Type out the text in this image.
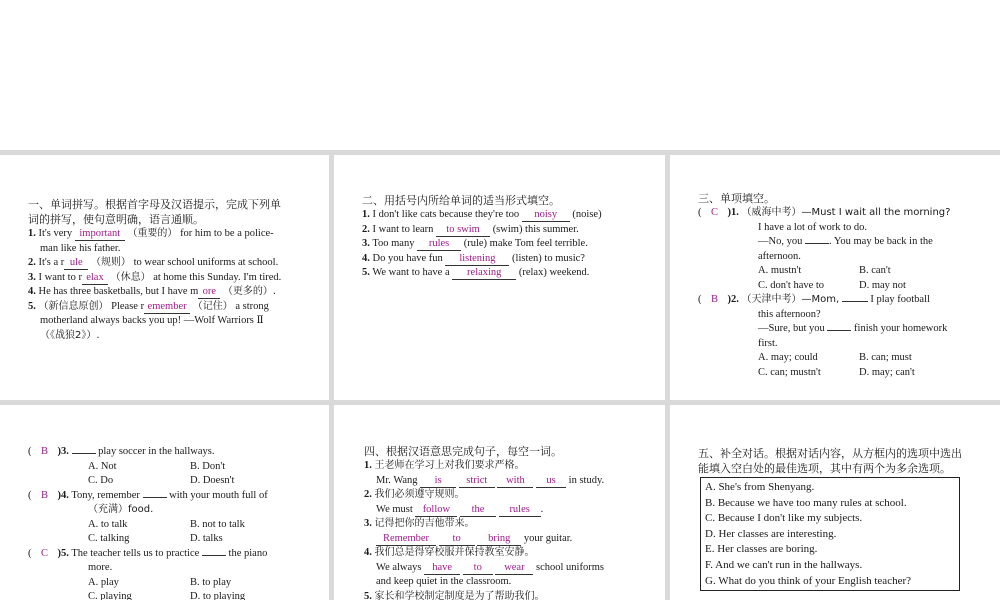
一、单词拼写。根据首字母及汉语提示，完成下列单
词的拼写，使句意明确，语言通顺。
1. It's very important （重要的） for him to be a police-
man like his father.
2. It's a r ule （规则） to wear school uniforms at school.
3. I want to r elax （休息） at home this Sunday. I'm tired.
4. He has three basketballs, but I have m ore （更多的）.
5. （新信息原创） Please r emember （记住） a strong
motherland always backs you up! —Wolf Warriors Ⅱ
（《战狼2》）.
二、用括号内所给单词的适当形式填空。
1. I don't like cats because they're too noisy (noise)
2. I want to learn to swim (swim) this summer.
3. Too many rules (rule) make Tom feel terrible.
4. Do you have fun listening (listen) to music?
5. We want to have a relaxing (relax) weekend.
三、单项填空。
( C )1. （威海中考）—Must I wait all the morning?
I have a lot of work to do.
—No, you	. You may be back in the
afternoon.
A. mustn't	B. can't
C. don't have to	D. may not
( B )2. （天津中考）—Mom,	I play football
this afternoon?
—Sure, but you	finish your homework
first.
A. may; could	B. can; must
C. can; mustn't	D. may; can't
( B )3.	play soccer in the hallways.
A. Not	B. Don't
C. Do	D. Doesn't
( B )4. Tony, remember	with your mouth full of
（充满）food.
A. to talk	B. not to talk
C. talking	D. talks
( C )5. The teacher tells us to practice	the piano
more.
A. play	B. to play
C. playing	D. to playing
四、根据汉语意思完成句子，每空一词。
1. 王老师在学习上对我们要求严格。
Mr. Wang is strict with us in study.
2. 我们必须遵守规则。
We must follow the rules .
3. 记得把你的吉他带来。
Remember to	bring your guitar.
4. 我们总是得穿校服并保持教室安静。
We always have to wear school uniforms
and keep quiet in the classroom.
5. 家长和学校制定制度是为了帮助我们。
五、补全对话。根据对话内容，从方框内的选项中选出
能填入空白处的最佳选项，其中有两个为多余选项。
A. She's from Shenyang.
B. Because we have too many rules at school.
C. Because I don't like my subjects.
D. Her classes are interesting.
E. Her classes are boring.
F. And we can't run in the hallways.
G. What do you think of your English teacher?
